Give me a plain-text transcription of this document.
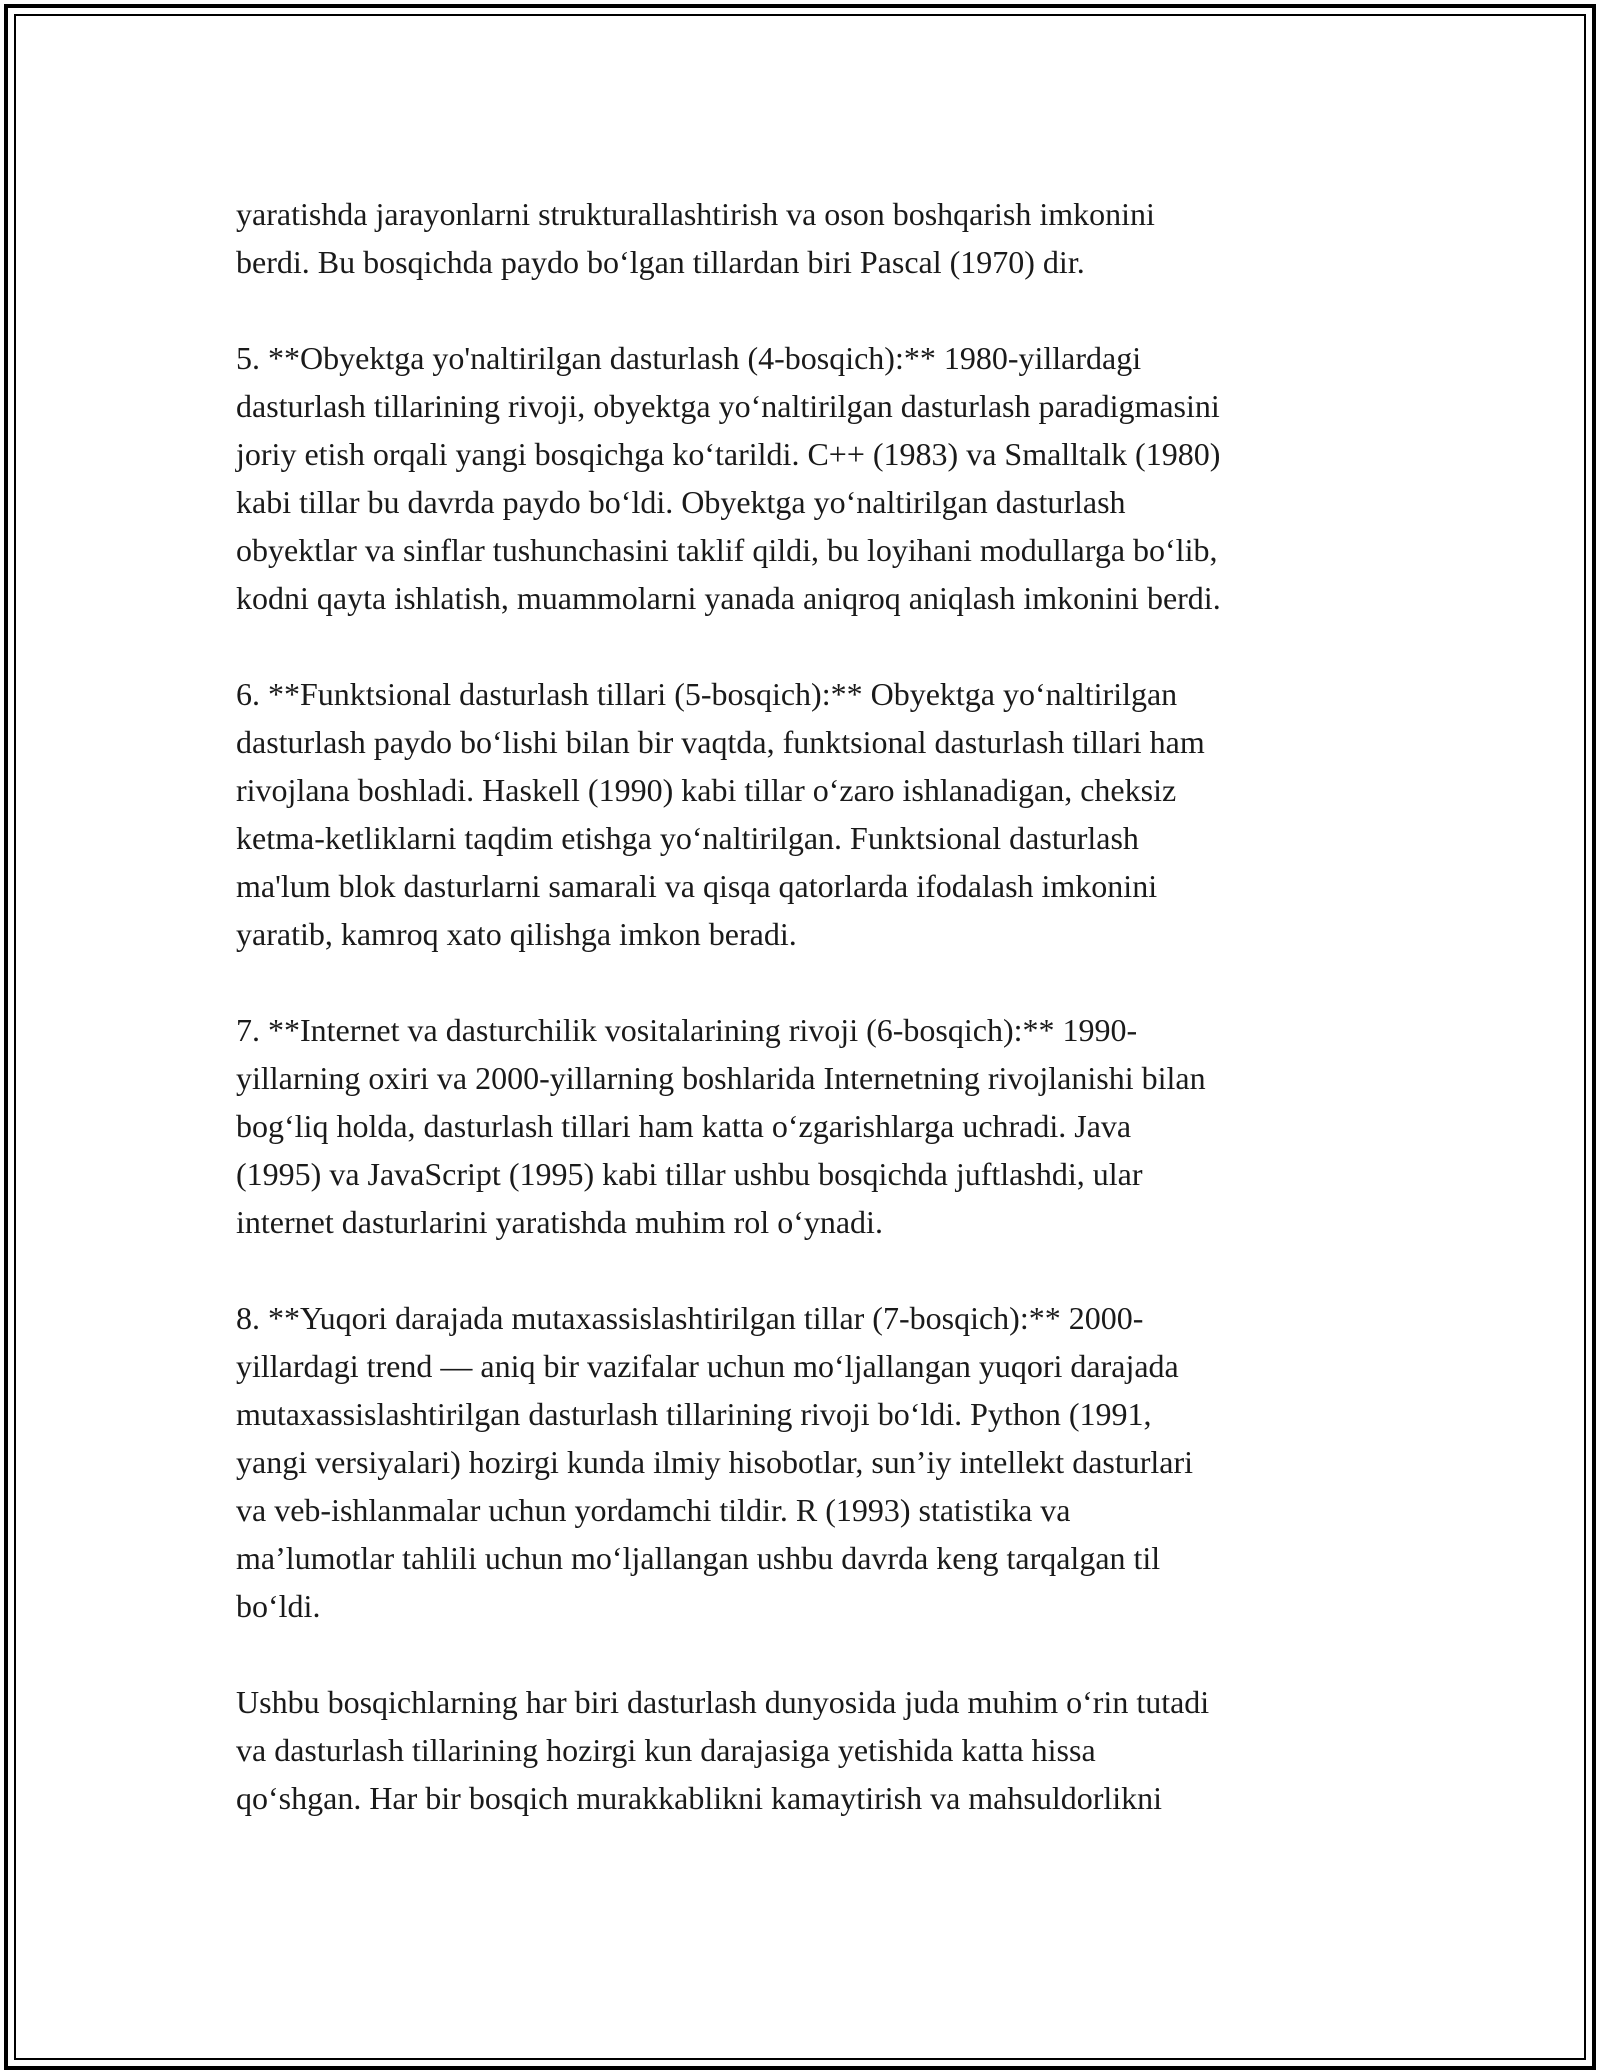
yaratishda jarayonlarni strukturallashtirish va oson boshqarish imkonini
berdi. Bu bosqichda paydo bo‘lgan tillardan biri Pascal (1970) dir.

5. **Obyektga yo'naltirilgan dasturlash (4-bosqich):** 1980-yillardagi
dasturlash tillarining rivoji, obyektga yo‘naltirilgan dasturlash paradigmasini
joriy etish orqali yangi bosqichga ko‘tarildi. C++ (1983) va Smalltalk (1980)
kabi tillar bu davrda paydo bo‘ldi. Obyektga yo‘naltirilgan dasturlash
obyektlar va sinflar tushunchasini taklif qildi, bu loyihani modullarga bo‘lib,
kodni qayta ishlatish, muammolarni yanada aniqroq aniqlash imkonini berdi.

6. **Funktsional dasturlash tillari (5-bosqich):** Obyektga yo‘naltirilgan
dasturlash paydo bo‘lishi bilan bir vaqtda, funktsional dasturlash tillari ham
rivojlana boshladi. Haskell (1990) kabi tillar o‘zaro ishlanadigan, cheksiz
ketma-ketliklarni taqdim etishga yo‘naltirilgan. Funktsional dasturlash
ma'lum blok dasturlarni samarali va qisqa qatorlarda ifodalash imkonini
yaratib, kamroq xato qilishga imkon beradi.

7. **Internet va dasturchilik vositalarining rivoji (6-bosqich):** 1990-
yillarning oxiri va 2000-yillarning boshlarida Internetning rivojlanishi bilan
bog‘liq holda, dasturlash tillari ham katta o‘zgarishlarga uchradi. Java
(1995) va JavaScript (1995) kabi tillar ushbu bosqichda juftlashdi, ular
internet dasturlarini yaratishda muhim rol o‘ynadi.

8. **Yuqori darajada mutaxassislashtirilgan tillar (7-bosqich):** 2000-
yillardagi trend — aniq bir vazifalar uchun mo‘ljallangan yuqori darajada
mutaxassislashtirilgan dasturlash tillarining rivoji bo‘ldi. Python (1991,
yangi versiyalari) hozirgi kunda ilmiy hisobotlar, sun’iy intellekt dasturlari
va veb-ishlanmalar uchun yordamchi tildir. R (1993) statistika va
ma’lumotlar tahlili uchun mo‘ljallangan ushbu davrda keng tarqalgan til
bo‘ldi.

Ushbu bosqichlarning har biri dasturlash dunyosida juda muhim o‘rin tutadi
va dasturlash tillarining hozirgi kun darajasiga yetishida katta hissa
qo‘shgan. Har bir bosqich murakkablikni kamaytirish va mahsuldorlikni
